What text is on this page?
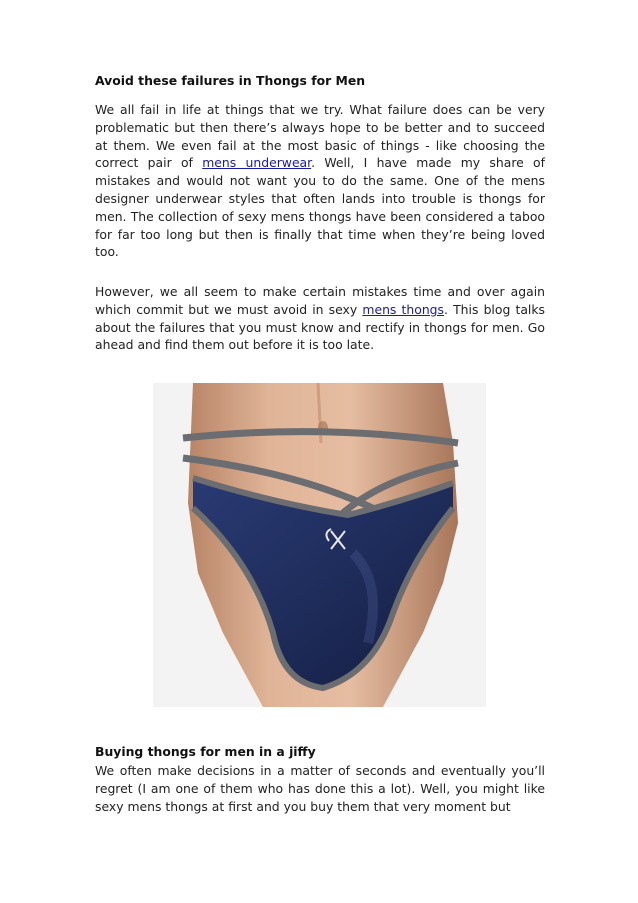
Avoid these failures in Thongs for Men
We all fail in life at things that we try. What failure does can be very problematic but then there’s always hope to be better and to succeed at them. We even fail at the most basic of things - like choosing the correct pair of mens underwear. Well, I have made my share of mistakes and would not want you to do the same. One of the mens designer underwear styles that often lands into trouble is thongs for men. The collection of sexy mens thongs have been considered a taboo for far too long but then is finally that time when they’re being loved too.
However, we all seem to make certain mistakes time and over again which commit but we must avoid in sexy mens thongs. This blog talks about the failures that you must know and rectify in thongs for men. Go ahead and find them out before it is too late.
Buying thongs for men in a jiffy
We often make decisions in a matter of seconds and eventually you’ll regret (I am one of them who has done this a lot). Well, you might like sexy mens thongs at first and you buy them that very moment but
